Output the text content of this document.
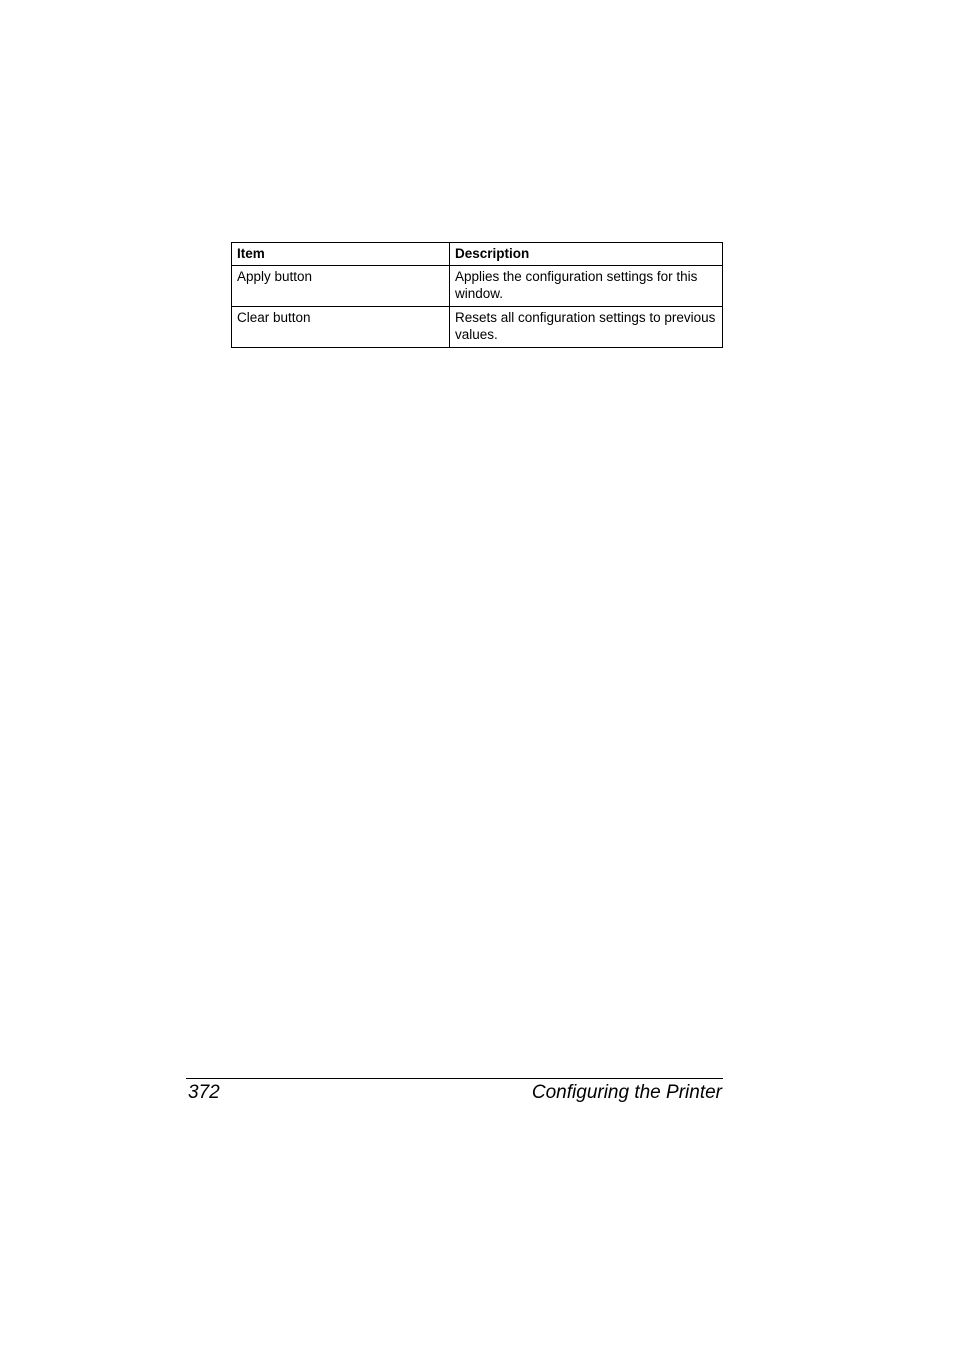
Item	Description
Apply button	Applies the configuration settings for this window.
Clear button	Resets all configuration settings to previous values.
372	Configuring the Printer
